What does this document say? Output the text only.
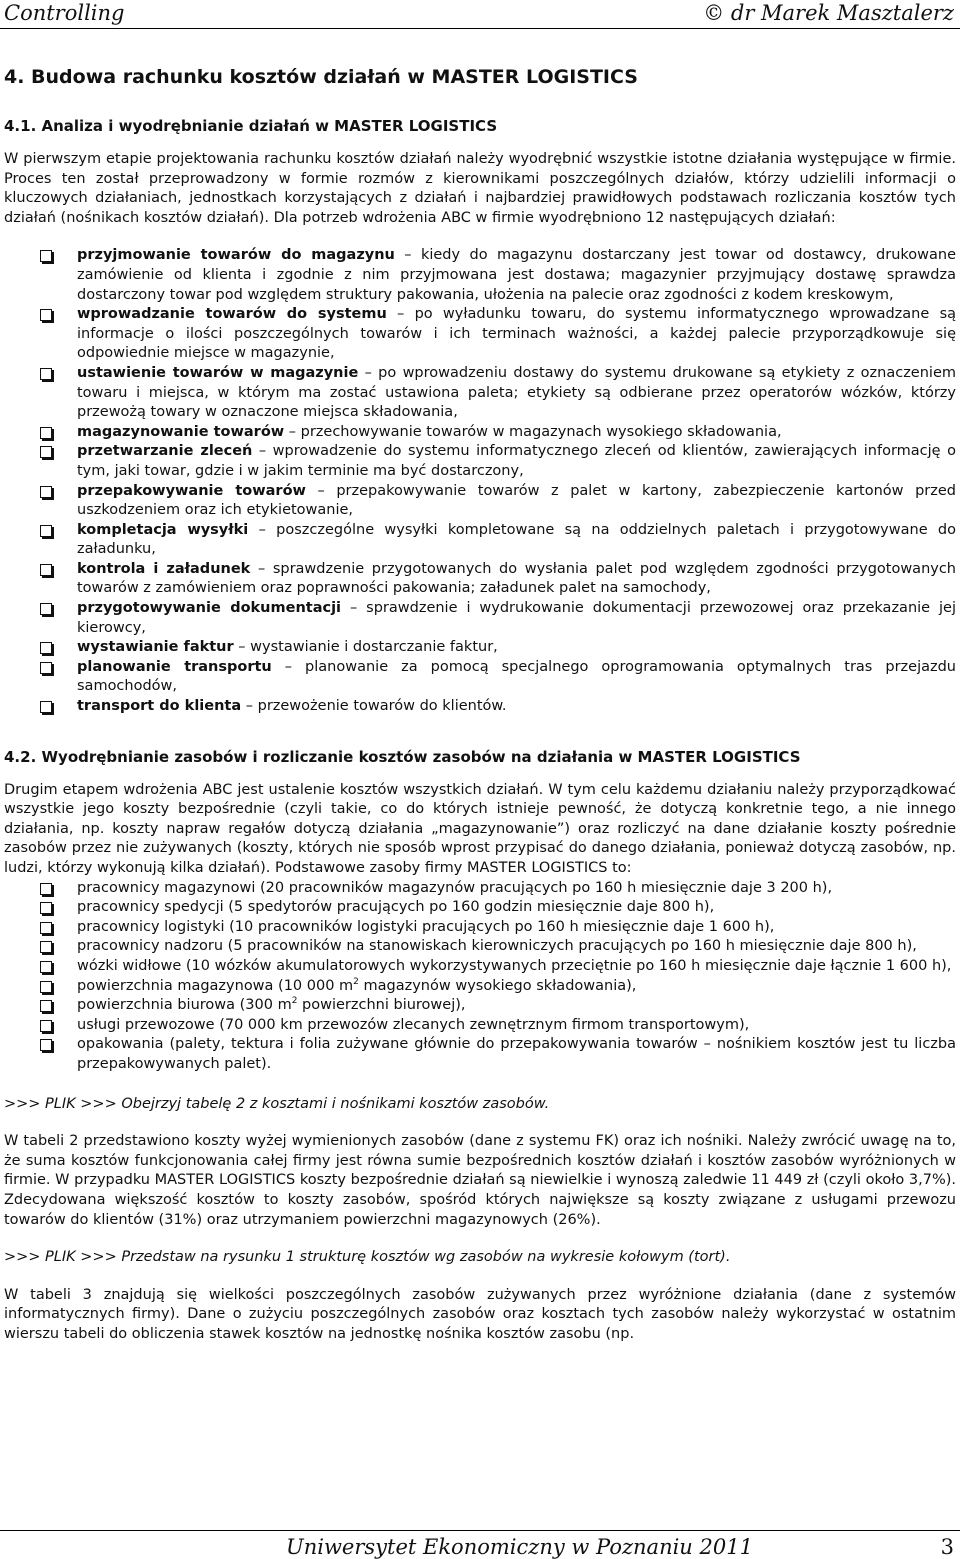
Controlling	© dr Marek Masztalerz
4. Budowa rachunku kosztów działań w MASTER LOGISTICS
4.1. Analiza i wyodrębnianie działań w MASTER LOGISTICS

W pierwszym etapie projektowania rachunku kosztów działań należy wyodrębnić wszystkie istotne działania występujące w firmie. Proces ten został przeprowadzony w formie rozmów z kierownikami poszczególnych działów, którzy udzielili informacji o kluczowych działaniach, jednostkach korzystających z działań i najbardziej prawidłowych podstawach rozliczania kosztów tych działań (nośnikach kosztów działań). Dla potrzeb wdrożenia ABC w firmie wyodrębniono 12 następujących działań:

przyjmowanie towarów do magazynu – kiedy do magazynu dostarczany jest towar od dostawcy, drukowane zamówienie od klienta i zgodnie z nim przyjmowana jest dostawa; magazynier przyjmujący dostawę sprawdza dostarczony towar pod względem struktury pakowania, ułożenia na palecie oraz zgodności z kodem kreskowym,
wprowadzanie towarów do systemu – po wyładunku towaru, do systemu informatycznego wprowadzane są informacje o ilości poszczególnych towarów i ich terminach ważności, a każdej palecie przyporządkowuje się odpowiednie miejsce w magazynie,
ustawienie towarów w magazynie – po wprowadzeniu dostawy do systemu drukowane są etykiety z oznaczeniem towaru i miejsca, w którym ma zostać ustawiona paleta; etykiety są odbierane przez operatorów wózków, którzy przewożą towary w oznaczone miejsca składowania,
magazynowanie towarów – przechowywanie towarów w magazynach wysokiego składowania,
przetwarzanie zleceń – wprowadzenie do systemu informatycznego zleceń od klientów, zawierających informację o tym, jaki towar, gdzie i w jakim terminie ma być dostarczony,
przepakowywanie towarów – przepakowywanie towarów z palet w kartony, zabezpieczenie kartonów przed uszkodzeniem oraz ich etykietowanie,
kompletacja wysyłki – poszczególne wysyłki kompletowane są na oddzielnych paletach i przygotowywane do załadunku,
kontrola i załadunek – sprawdzenie przygotowanych do wysłania palet pod względem zgodności przygotowanych towarów z zamówieniem oraz poprawności pakowania; załadunek palet na samochody,
przygotowywanie dokumentacji – sprawdzenie i wydrukowanie dokumentacji przewozowej oraz przekazanie jej kierowcy,
wystawianie faktur – wystawianie i dostarczanie faktur,
planowanie transportu – planowanie za pomocą specjalnego oprogramowania optymalnych tras przejazdu samochodów,
transport do klienta – przewożenie towarów do klientów.
4.2. Wyodrębnianie zasobów i rozliczanie kosztów zasobów na działania w MASTER LOGISTICS

Drugim etapem wdrożenia ABC jest ustalenie kosztów wszystkich działań. W tym celu każdemu działaniu należy przyporządkować wszystkie jego koszty bezpośrednie (czyli takie, co do których istnieje pewność, że dotyczą konkretnie tego, a nie innego działania, np. koszty napraw regałów dotyczą działania „magazynowanie”) oraz rozliczyć na dane działanie koszty pośrednie zasobów przez nie zużywanych (koszty, których nie sposób wprost przypisać do danego działania, ponieważ dotyczą zasobów, np. ludzi, którzy wykonują kilka działań). Podstawowe zasoby firmy MASTER LOGISTICS to:

pracownicy magazynowi (20 pracowników magazynów pracujących po 160 h miesięcznie daje 3 200 h),
pracownicy spedycji (5 spedytorów pracujących po 160 godzin miesięcznie daje 800 h),
pracownicy logistyki (10 pracowników logistyki pracujących po 160 h miesięcznie daje 1 600 h),
pracownicy nadzoru (5 pracowników na stanowiskach kierowniczych pracujących po 160 h miesięcznie daje 800 h),
wózki widłowe (10 wózków akumulatorowych wykorzystywanych przeciętnie po 160 h miesięcznie daje łącznie 1 600 h),
powierzchnia magazynowa (10 000 $m^2$ magazynów wysokiego składowania),
powierzchnia biurowa (300 $m^2$ powierzchni biurowej),
usługi przewozowe (70 000 km przewozów zlecanych zewnętrznym firmom transportowym),
opakowania (palety, tektura i folia zużywane głównie do przepakowywania towarów – nośnikiem kosztów jest tu liczba przepakowywanych palet).

>>> PLIK >>> Obejrzyj tabelę 2 z kosztami i nośnikami kosztów zasobów.

W tabeli 2 przedstawiono koszty wyżej wymienionych zasobów (dane z systemu FK) oraz ich nośniki. Należy zwrócić uwagę na to, że suma kosztów funkcjonowania całej firmy jest równa sumie bezpośrednich kosztów działań i kosztów zasobów wyróżnionych w firmie. W przypadku MASTER LOGISTICS koszty bezpośrednie działań są niewielkie i wynoszą zaledwie 11 449 zł (czyli około 3,7%). Zdecydowana większość kosztów to koszty zasobów, spośród których największe są koszty związane z usługami przewozu towarów do klientów (31%) oraz utrzymaniem powierzchni magazynowych (26%).

>>> PLIK >>> Przedstaw na rysunku 1 strukturę kosztów wg zasobów na wykresie kołowym (tort).

W tabeli 3 znajdują się wielkości poszczególnych zasobów zużywanych przez wyróżnione działania (dane z systemów informatycznych firmy). Dane o zużyciu poszczególnych zasobów oraz kosztach tych zasobów należy wykorzystać w ostatnim wierszu tabeli do obliczenia stawek kosztów na jednostkę nośnika kosztów zasobu (np.

Uniwersytet Ekonomiczny w Poznaniu 2011	3
